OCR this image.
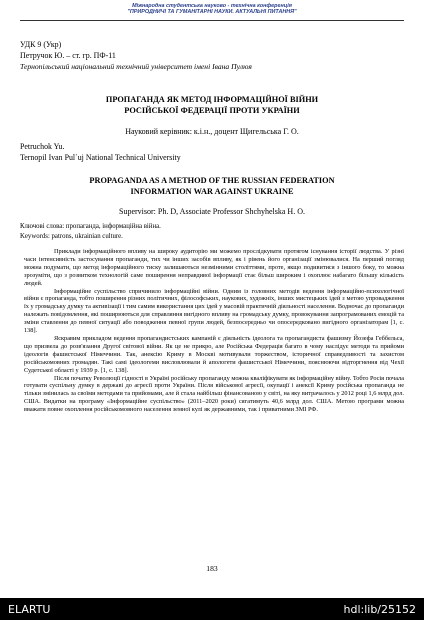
Міжнародна студентська науково - технічна конференція
"ПРИРОДНИЧІ ТА ГУМАНІТАРНІ НАУКИ. АКТУАЛЬНІ ПИТАННЯ"
УДК 9 (Укр)
Петручок Ю. – ст. гр. ПФ-11
Тернопільський національний технічний університет імені Івана Пулюя
ПРОПАГАНДА ЯК МЕТОД ІНФОРМАЦІЙНОЇ ВІЙНИ
РОСІЙСЬКОЇ ФЕДЕРАЦІЇ ПРОТИ УКРАЇНИ
Науковий керівник: к.і.н., доцент Щигельська Г. О.
Petruchok Yu.
Ternopil Ivan Pul`uj National Technical University
PROPAGANDA AS A METHOD OF THE RUSSIAN FEDERATION
INFORMATION WAR AGAINST UKRAINE
Supervisor: Ph. D, Associate Professor Shchyhelska H. O.
Ключові слова: пропаганда, інформаційна війна.
Keywords: patrons, ukrainian culture.

Приклади інформаційного впливу на широку аудиторію ми можемо прослідкувати протягом існування історії людства. У різні часи інтенсивність застосування пропаганди, тих чи інших засобів впливу, як і рівень його організації змінювалися. На перший погляд можна подумати, що метод інформаційного тиску залишаються незмінними століттями, проте, якщо подивитися з іншого боку, то можна зрозуміти, що з розвитком технологій саме поширення неправдивої інформації стає більш широким і охоплює набагато більшу кількість людей.

Інформаційне суспільство спричинило інформаційні війни. Одним із головних методів ведення інформаційно-психологічної війни є пропаганда, тобто поширення різних політичних, філософських, наукових, художніх, інших мистецьких ідей з метою упровадження їх у громадську думку та активізації і тим самим використання цих ідей у масовій практичній діяльності населення. Водночас до пропаганди належать повідомлення, які поширюються для справляння вигідного впливу на громадську думку, провокування запрограмованих емоцій та зміни ставлення до певної ситуації або поводження певної групи людей, безпосередньо чи опосередковано вигідного організаторам [1, с. 138].

Яскравим прикладом ведення пропагандистських кампаній є діяльність ідеолога та пропагандиста фашизму Йозефа Геббельса, що призвела до розв'язання Другої світової війни. Як це не прикро, але Російська Федерація багато в чому наслідує методи та прийоми ідеологів фашистської Німеччини. Так, анексію Криму в Москві мотивували торжеством, історичної справедливості та захистом російськомовних громадян. Такі самі ідеологеми висловлювали й апологети фашистської Німеччини, пояснюючи відторгнення від Чехії Судетської області у 1939 р. [1, с. 138].

Після початку Революції гідності в Україні російську пропаганду можна кваліфікувати як інформаційну війну. Тобто Росія почала готувати суспільну думку в державі до агресії проти України. Після військової агресії, окупації і анексії Криму російська пропаганда не тільки змінилась за своїми методами та прийомами, але й стала найбільш фінансованою у світі, на яку витрачалось у 2012 році 1,6 млрд дол. США. Видатки на програму «Інформаційне суспільство» (2011–2020 роки) сягатимуть 40,6 млрд дол. США. Метою програми можна вважати повне охоплення російськомовного населення земної кулі як державними, так і приватними ЗМІ РФ.

183
ELARTU	hdl:lib/25152
